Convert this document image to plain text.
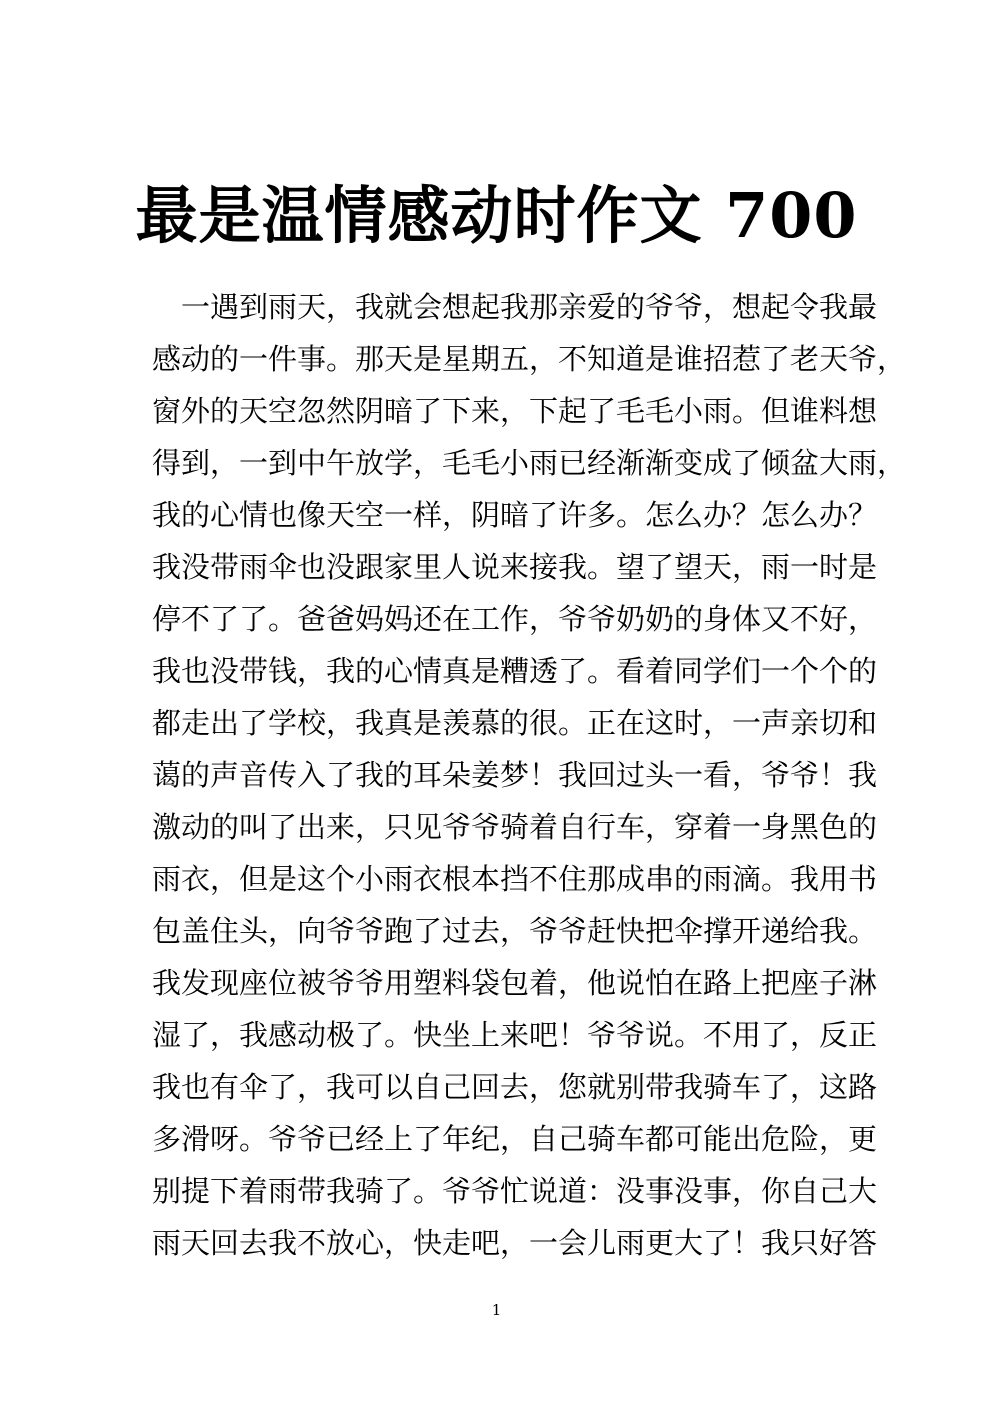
最是温情感动时作文 700
一遇到雨天，我就会想起我那亲爱的爷爷，想起令我最
感动的一件事。那天是星期五，不知道是谁招惹了老天爷，
窗外的天空忽然阴暗了下来，下起了毛毛小雨。但谁料想
得到，一到中午放学，毛毛小雨已经渐渐变成了倾盆大雨，
我的心情也像天空一样，阴暗了许多。怎么办？怎么办？
我没带雨伞也没跟家里人说来接我。望了望天，雨一时是
停不了了。爸爸妈妈还在工作，爷爷奶奶的身体又不好，
我也没带钱，我的心情真是糟透了。看着同学们一个个的
都走出了学校，我真是羡慕的很。正在这时，一声亲切和
蔼的声音传入了我的耳朵姜梦！我回过头一看，爷爷！我
激动的叫了出来，只见爷爷骑着自行车，穿着一身黑色的
雨衣，但是这个小雨衣根本挡不住那成串的雨滴。我用书
包盖住头，向爷爷跑了过去，爷爷赶快把伞撑开递给我。
我发现座位被爷爷用塑料袋包着，他说怕在路上把座子淋
湿了，我感动极了。快坐上来吧！爷爷说。不用了，反正
我也有伞了，我可以自己回去，您就别带我骑车了，这路
多滑呀。爷爷已经上了年纪，自己骑车都可能出危险，更
别提下着雨带我骑了。爷爷忙说道：没事没事，你自己大
雨天回去我不放心，快走吧，一会儿雨更大了！我只好答
1
